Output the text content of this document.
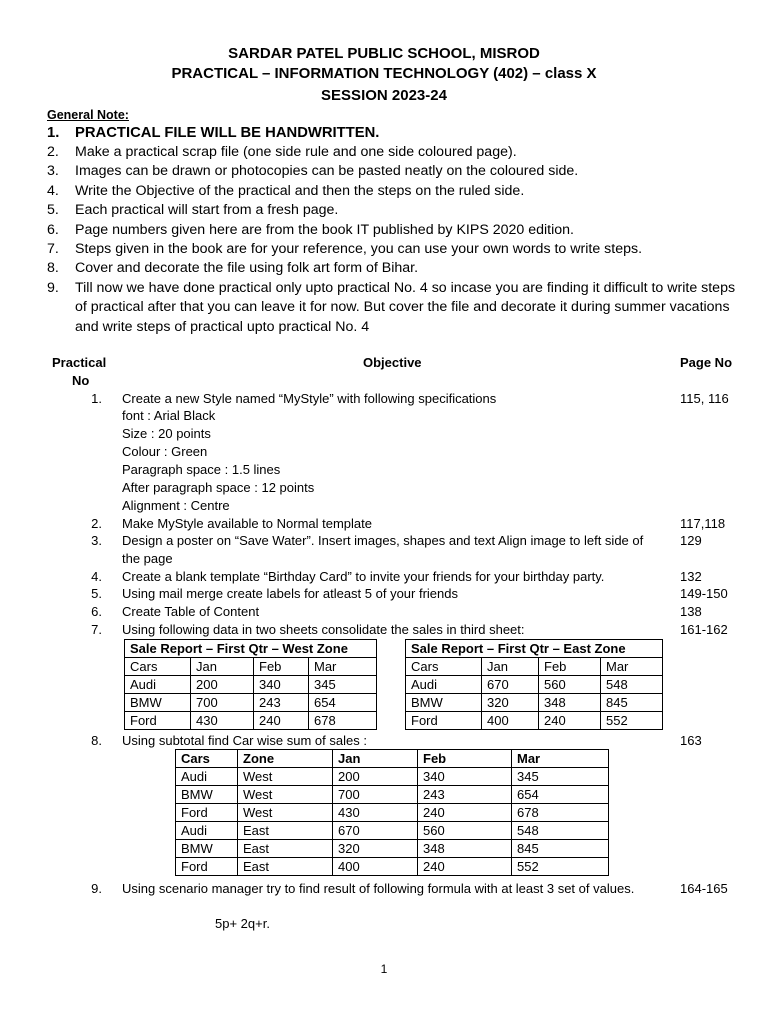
SARDAR PATEL PUBLIC SCHOOL, MISROD
PRACTICAL – INFORMATION TECHNOLOGY (402) – class X
SESSION 2023-24
General Note:
1. PRACTICAL FILE WILL BE HANDWRITTEN.
2. Make a practical scrap file (one side rule and one side coloured page).
3. Images can be drawn or photocopies can be pasted neatly on the coloured side.
4. Write the Objective of the practical and then the steps on the ruled side.
5. Each practical will start from a fresh page.
6. Page numbers given here are from the book IT published by KIPS 2020 edition.
7. Steps given in the book are for your reference, you can use your own words to write steps.
8. Cover and decorate the file using folk art form of Bihar.
9. Till now we have done practical only upto practical No. 4 so incase you are finding it difficult to write steps of practical after that you can leave it for now. But cover the file and decorate it during summer vacations and write steps of practical upto practical No. 4
Practical
No
Objective	Page No
1. Create a new Style named “MyStyle” with following specifications	115, 116
font : Arial Black
Size : 20 points
Colour : Green
Paragraph space : 1.5 lines
After paragraph space : 12 points
Alignment : Centre
2. Make MyStyle available to Normal template	117,118
3. Design a poster on “Save Water”. Insert images, shapes and text Align image to left side of the page
129
4. Create a blank template “Birthday Card” to invite your friends for your birthday party.	132
5. Using mail merge create labels for atleast 5 of your friends	149-150
6. Create Table of Content	138
7. Using following data in two sheets consolidate the sales in third sheet:	161-162
Sale Report – First Qtr – West Zone			
Cars	Jan	Feb	Mar
Audi	200	340	345
BMW	700	243	654
Ford	430	240	678
Sale Report – First Qtr – East Zone			
Cars	Jan	Feb	Mar
Audi	670	560	548
BMW	320	348	845
Ford	400	240	552
8. Using subtotal find Car wise sum of sales :	163
Cars	Zone	Jan	Feb	Mar
Audi	West	200	340	345
BMW	West	700	243	654
Ford	West	430	240	678
Audi	East	670	560	548
BMW	East	320	348	845
Ford	East	400	240	552
9. Using scenario manager try to find result of following formula with at least 3 set of values.	164-165
5p+ 2q+r.
1
